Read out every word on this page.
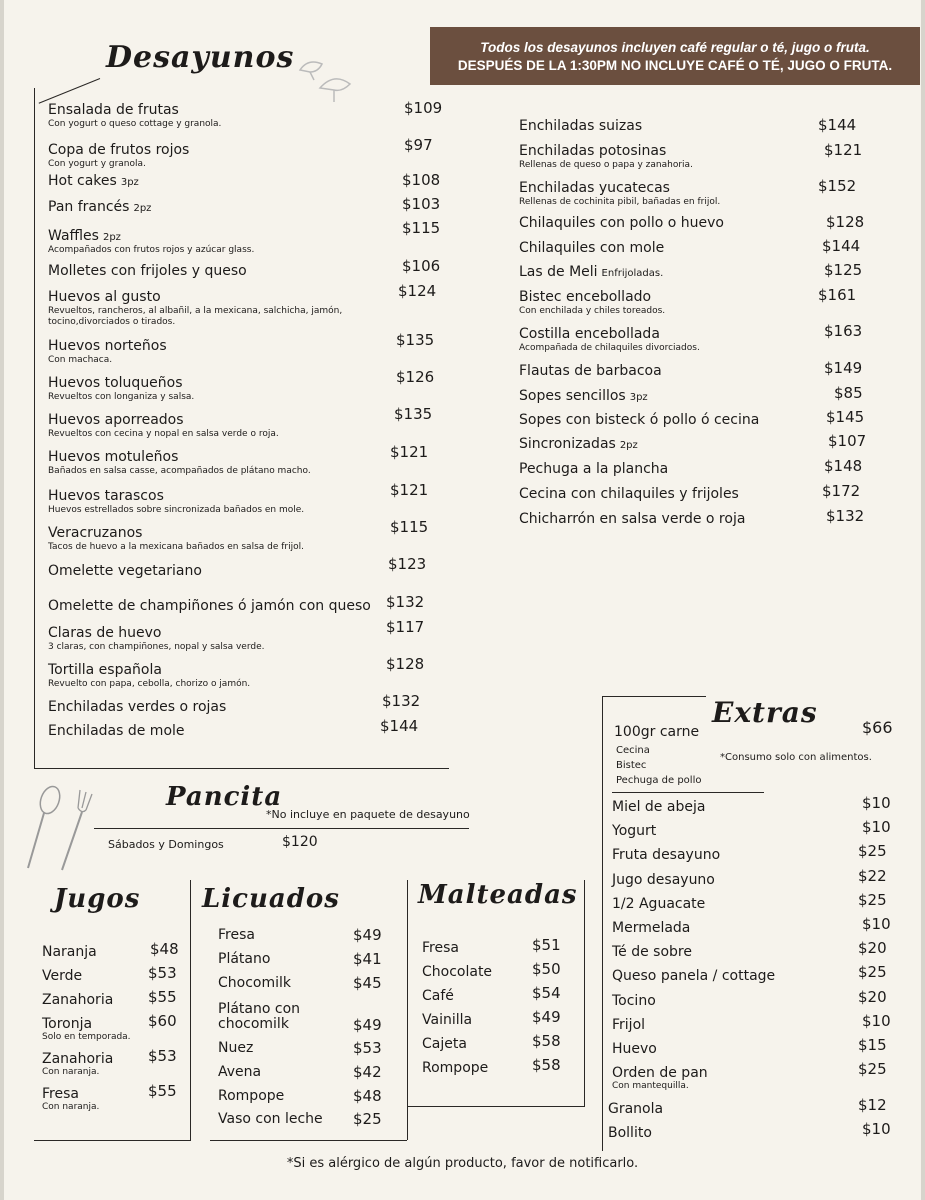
Todos los desayunos incluyen café regular o té, jugo o fruta.
DESPUÉS DE LA 1:30PM NO INCLUYE CAFÉ O TÉ, JUGO O FRUTA.
Desayunos
Ensalada de frutas
Con yogurt o queso cottage y granola.
$109
Copa de frutos rojos
Con yogurt y granola.
$97
Hot cakes 3pz	$108
Pan francés 2pz	$103
Waffles 2pz
Acompañados con frutos rojos y azúcar glass.
$115
Molletes con frijoles y queso	$106
Huevos al gusto
Revueltos, rancheros, al albañil, a la mexicana, salchicha, jamón,
tocino,divorciados o tirados.
$124
Huevos norteños
Con machaca.
$135
Huevos toluqueños
Revueltos con longaniza y salsa.
$126
Huevos aporreados
Revueltos con cecina y nopal en salsa verde o roja.
$135
Huevos motuleños
Bañados en salsa casse, acompañados de plátano macho.
$121
Huevos tarascos
Huevos estrellados sobre sincronizada bañados en mole.
$121
Veracruzanos
Tacos de huevo a la mexicana bañados en salsa de frijol.
$115
Omelette vegetariano	$123
Omelette de champiñones ó jamón con queso $132
Claras de huevo
3 claras, con champiñones, nopal y salsa verde.
$117
Tortilla española
Revuelto con papa, cebolla, chorizo o jamón.
$128
Enchiladas verdes o rojas	$132
Enchiladas de mole	$144
Enchiladas suizas	$144
Enchiladas potosinas
Rellenas de queso o papa y zanahoria.
$121
Enchiladas yucatecas
Rellenas de cochinita pibil, bañadas en frijol.
$152
Chilaquiles con pollo o huevo	$128
Chilaquiles con mole	$144
Las de Meli Enfrijoladas.	$125
Bistec encebollado
Con enchilada y chiles toreados.
$161
Costilla encebollada
Acompañada de chilaquiles divorciados.
$163
Flautas de barbacoa	$149
Sopes sencillos 3pz	$85
Sopes con bisteck ó pollo ó cecina	$145
Sincronizadas 2pz	$107
Pechuga a la plancha	$148
Cecina con chilaquiles y frijoles	$172
Chicharrón en salsa verde o roja	$132
Pancita
*No incluye en paquete de desayuno
Sábados y Domingos	$120
Jugos
Naranja	$48
Verde	$53
Zanahoria $55
Toronja
Solo en temporada.
$60
Zanahoria
Con naranja.
$53
Fresa
Con naranja.
$55
Licuados
Fresa	$49
Plátano	$41
Chocomilk	$45
Plátano con
chocomilk	$49
Nuez	$53
Avena	$42
Rompope	$48
Vaso con leche $25
Malteadas
Fresa	$51
Chocolate	$50
Café	$54
Vainilla	$49
Cajeta	$58
Rompope	$58
Extras
100gr carne	$66
Cecina
Bistec
Pechuga de pollo
*Consumo solo con alimentos.
Miel de abeja	$10
Yogurt	$10
Fruta desayuno	$25
Jugo desayuno	$22
1/2 Aguacate	$25
Mermelada	$10
Té de sobre	$20
Queso panela / cottage	$25
Tocino	$20
Frijol	$10
Huevo	$15
Orden de pan
Con mantequilla.
$25
Granola	$12
Bollito	$10
*Si es alérgico de algún producto, favor de notificarlo.
